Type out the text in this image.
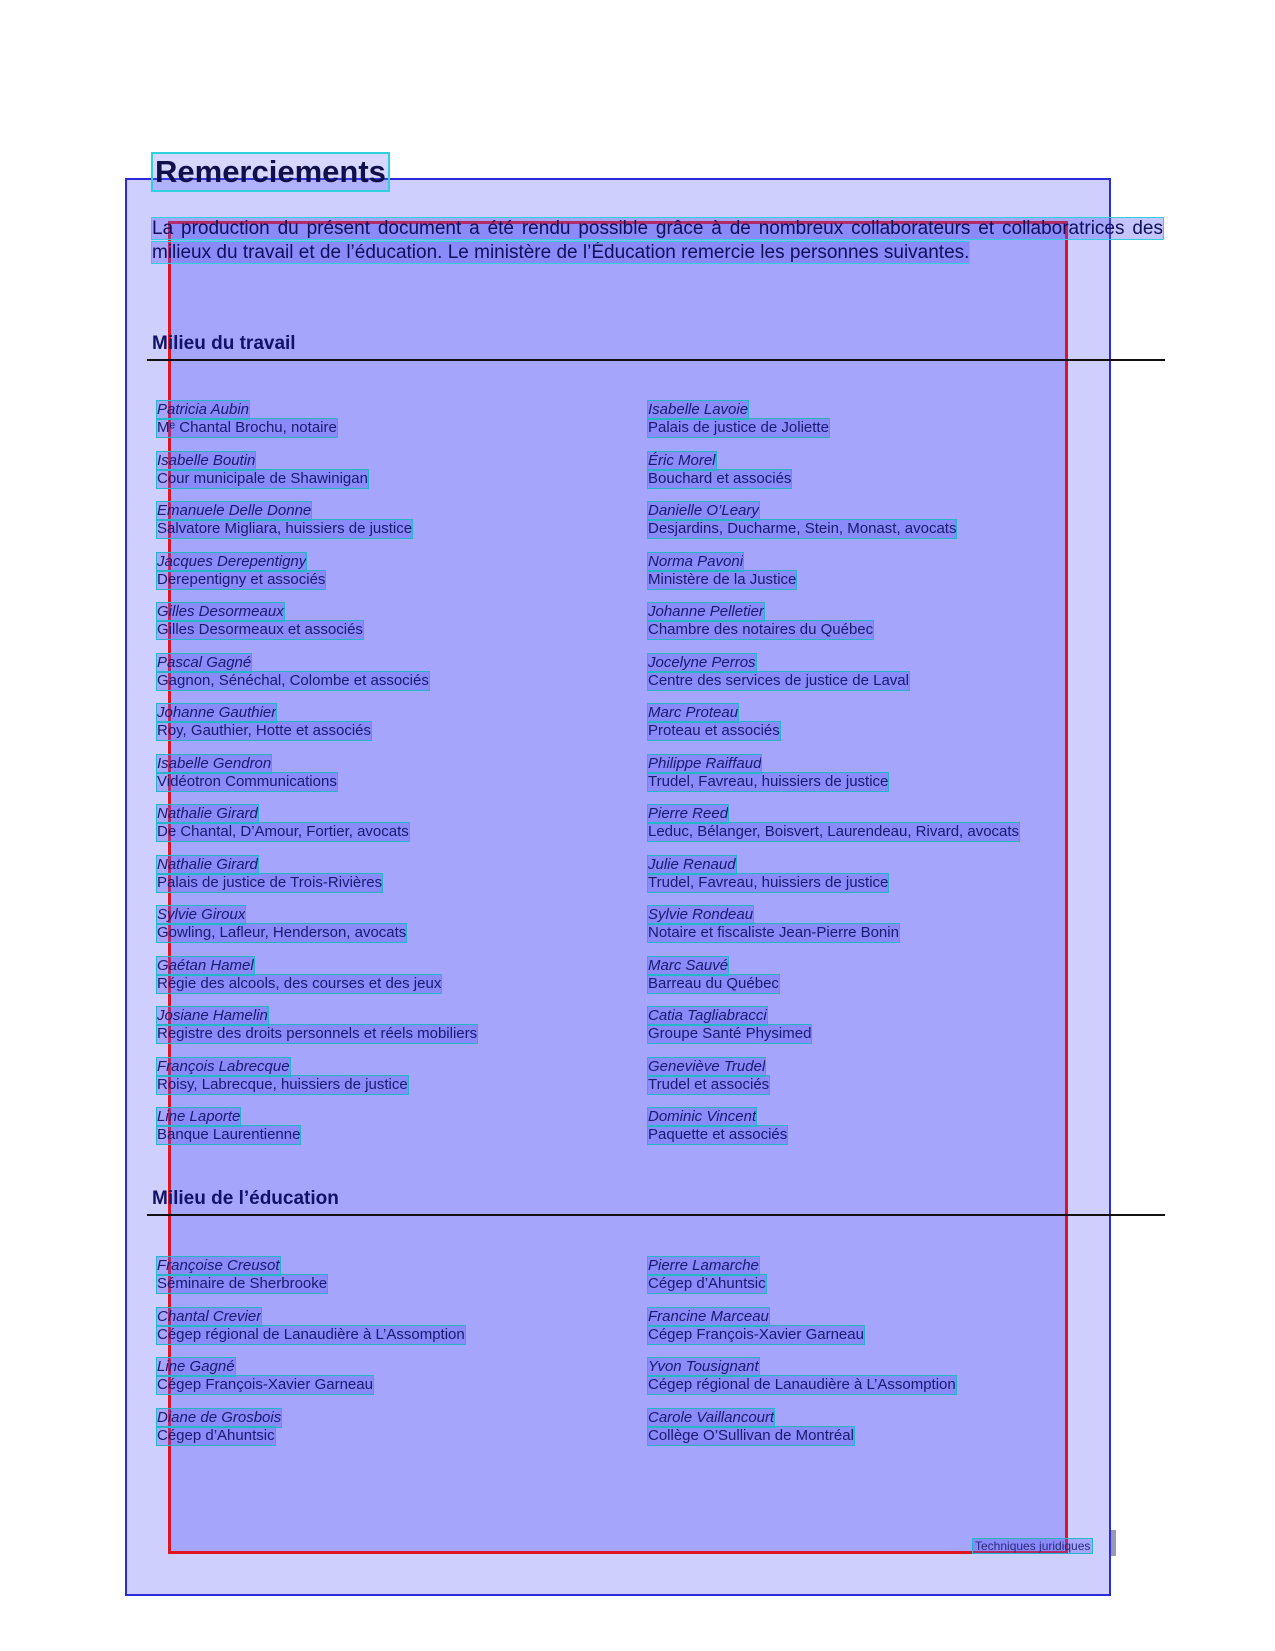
Remerciements
La production du présent document a été rendu possible grâce à de nombreux collaborateurs et collaboratrices des milieux du travail et de l’éducation. Le ministère de l’Éducation remercie les personnes suivantes.
Milieu du travail
Patricia Aubin
Mᵉ Chantal Brochu, notaire
Isabelle Lavoie
Palais de justice de Joliette
Isabelle Boutin
Cour municipale de Shawinigan
Éric Morel
Bouchard et associés
Emanuele Delle Donne
Salvatore Migliara, huissiers de justice
Danielle O’Leary
Desjardins, Ducharme, Stein, Monast, avocats
Jacques Derepentigny
Derepentigny et associés
Norma Pavoni
Ministère de la Justice
Gilles Desormeaux
Gilles Desormeaux et associés
Johanne Pelletier
Chambre des notaires du Québec
Pascal Gagné
Gagnon, Sénéchal, Colombe et associés
Jocelyne Perros
Centre des services de justice de Laval
Johanne Gauthier
Roy, Gauthier, Hotte et associés
Marc Proteau
Proteau et associés
Isabelle Gendron
Vidéotron Communications
Philippe Raiffaud
Trudel, Favreau, huissiers de justice
Nathalie Girard
De Chantal, D’Amour, Fortier, avocats
Pierre Reed
Leduc, Bélanger, Boisvert, Laurendeau, Rivard, avocats
Nathalie Girard
Palais de justice de Trois-Rivières
Julie Renaud
Trudel, Favreau, huissiers de justice
Sylvie Giroux
Gowling, Lafleur, Henderson, avocats
Sylvie Rondeau
Notaire et fiscaliste Jean-Pierre Bonin
Gaétan Hamel
Régie des alcools, des courses et des jeux
Marc Sauvé
Barreau du Québec
Josiane Hamelin
Registre des droits personnels et réels mobiliers
Catia Tagliabracci
Groupe Santé Physimed
François Labrecque
Roisy, Labrecque, huissiers de justice
Geneviève Trudel
Trudel et associés
Line Laporte
Banque Laurentienne
Dominic Vincent
Paquette et associés
Milieu de l’éducation
Françoise Creusot
Séminaire de Sherbrooke
Pierre Lamarche
Cégep d’Ahuntsic
Chantal Crevier
Cégep régional de Lanaudière à L’Assomption
Francine Marceau
Cégep François-Xavier Garneau
Line Gagné
Cégep François-Xavier Garneau
Yvon Tousignant
Cégep régional de Lanaudière à L’Assomption
Diane de Grosbois
Cégep d’Ahuntsic
Carole Vaillancourt
Collège O’Sullivan de Montréal
Techniques juridiques
